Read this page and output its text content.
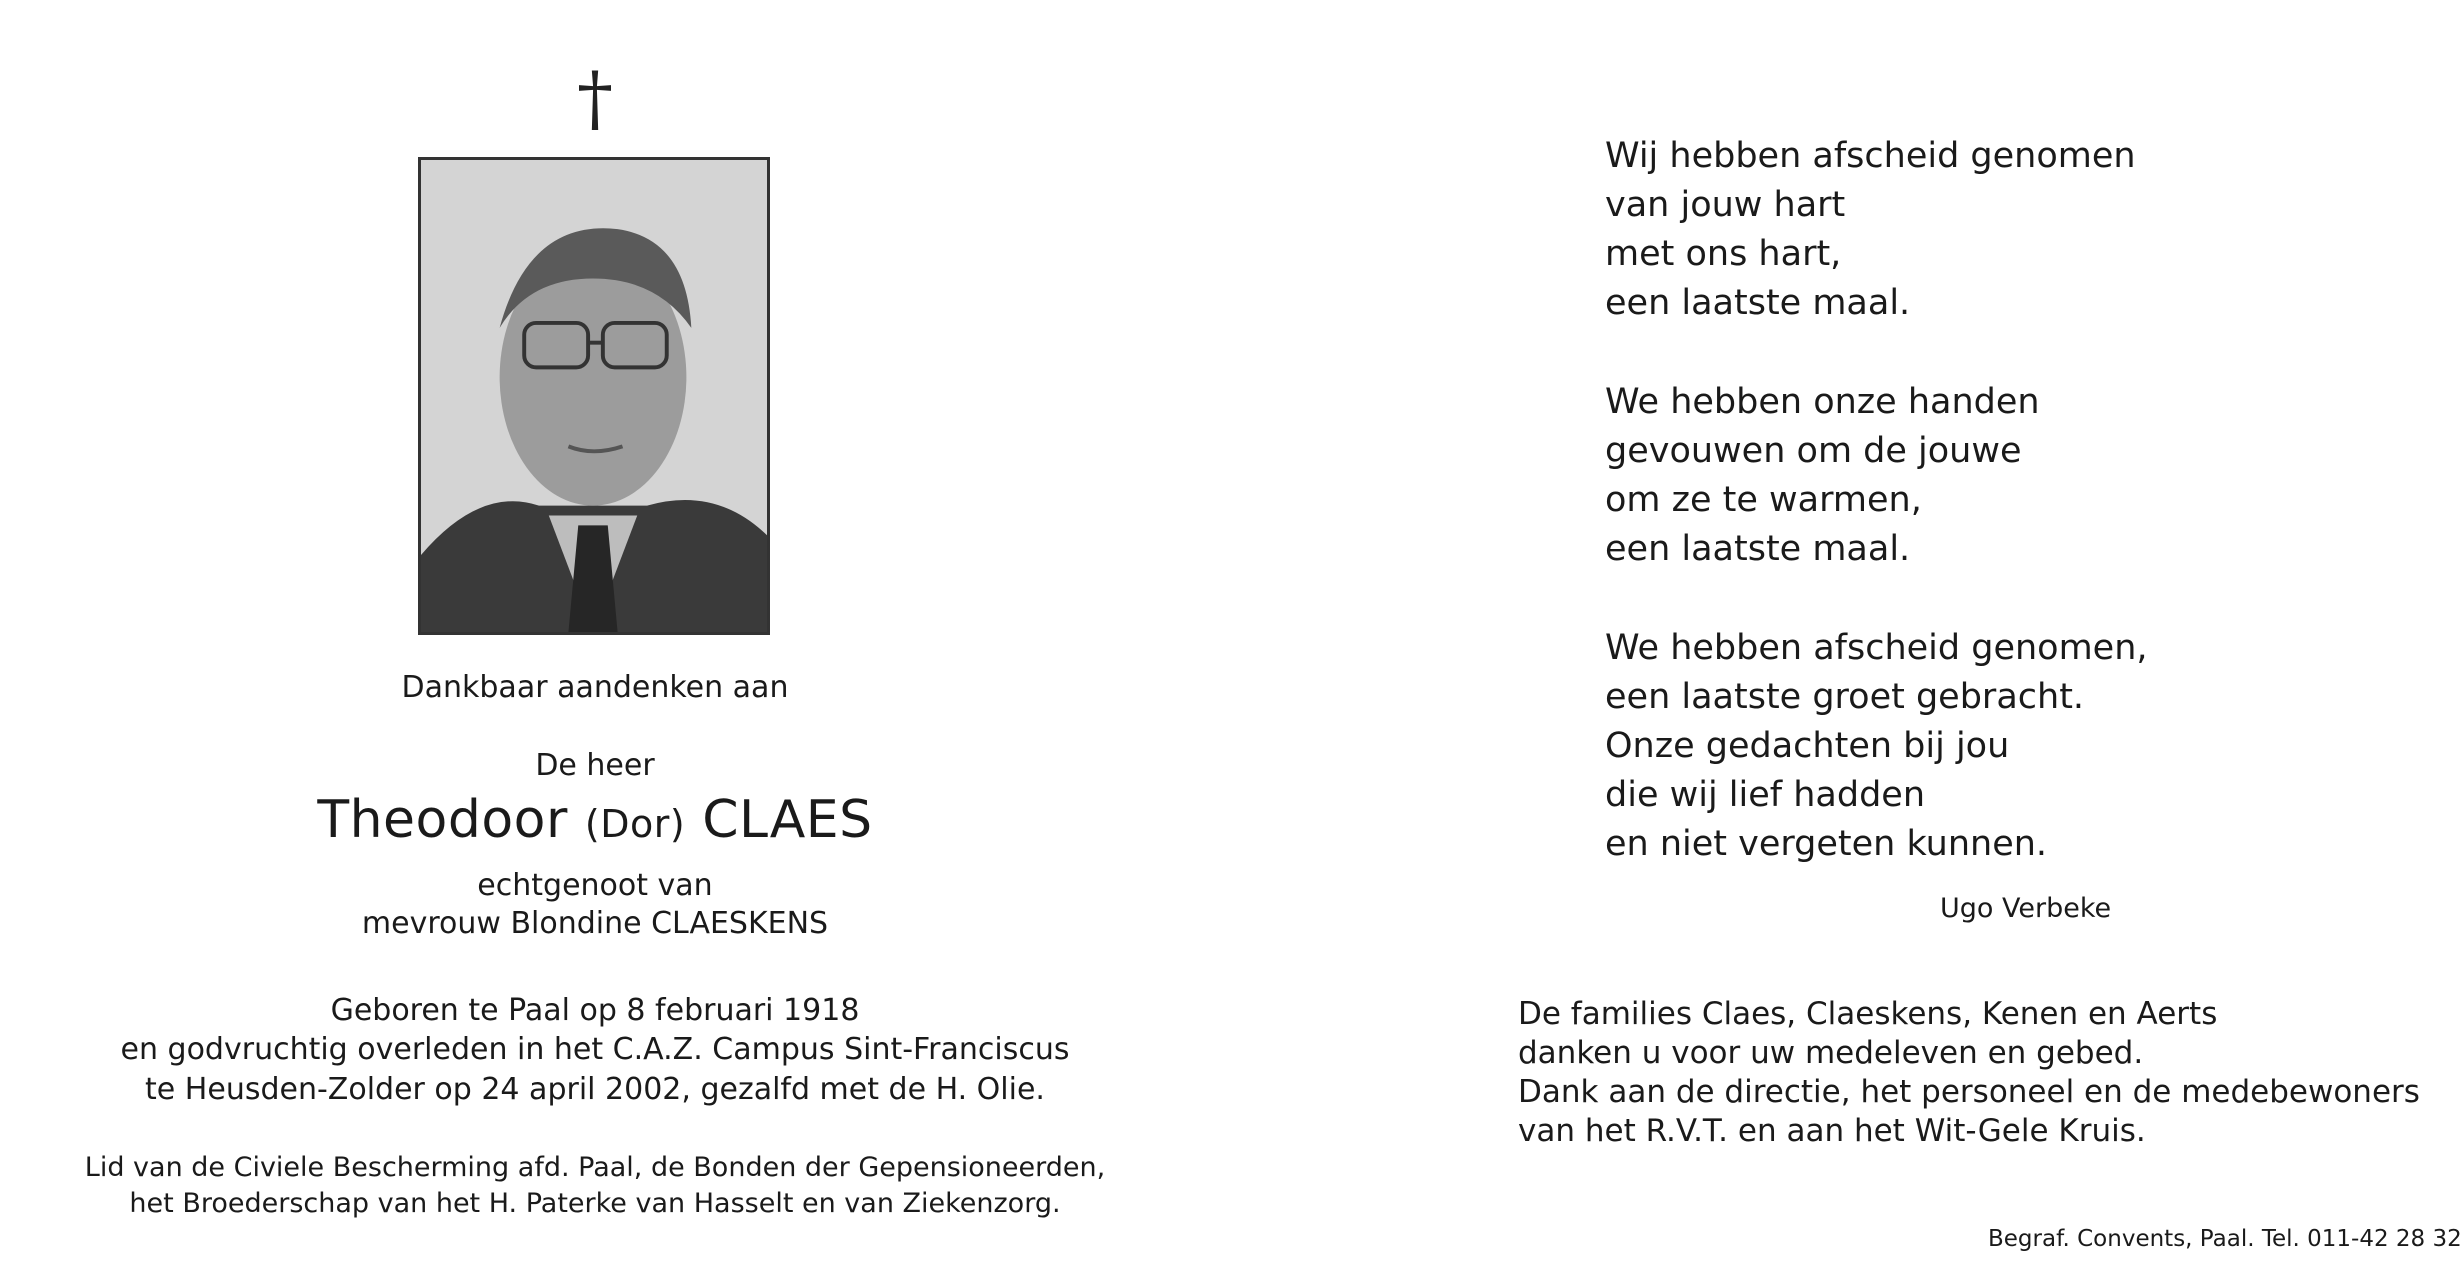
†
Dankbaar aandenken aan
De heer
Theodoor (Dor) CLAES
echtgenoot van
mevrouw Blondine CLAESKENS
Geboren te Paal op 8 februari 1918
en godvruchtig overleden in het C.A.Z. Campus Sint-Franciscus
te Heusden-Zolder op 24 april 2002, gezalfd met de H. Olie.
Lid van de Civiele Bescherming afd. Paal, de Bonden der Gepensioneerden,
het Broederschap van het H. Paterke van Hasselt en van Ziekenzorg.

Wij hebben afscheid genomen
van jouw hart
met ons hart,
een laatste maal.

We hebben onze handen
gevouwen om de jouwe
om ze te warmen,
een laatste maal.

We hebben afscheid genomen,
een laatste groet gebracht.
Onze gedachten bij jou
die wij lief hadden
en niet vergeten kunnen.

Ugo Verbeke
De families Claes, Claeskens, Kenen en Aerts
danken u voor uw medeleven en gebed.
Dank aan de directie, het personeel en de medebewoners
van het R.V.T. en aan het Wit-Gele Kruis.
Begraf. Convents, Paal. Tel. 011-42 28 32
